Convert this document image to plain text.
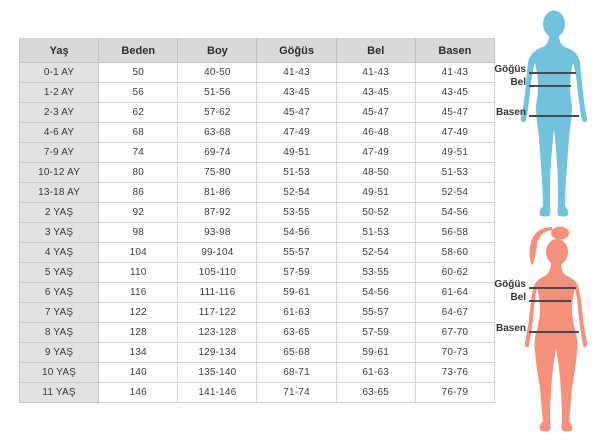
Yaş	Beden	Boy	Göğüs	Bel	Basen
0-1 AY	50	40-50	41-43	41-43	41-43
1-2 AY	56	51-56	43-45	43-45	43-45
2-3 AY	62	57-62	45-47	45-47	45-47
4-6 AY	68	63-68	47-49	46-48	47-49
7-9 AY	74	69-74	49-51	47-49	49-51
10-12 AY	80	75-80	51-53	48-50	51-53
13-18 AY	86	81-86	52-54	49-51	52-54
2 YAŞ	92	87-92	53-55	50-52	54-56
3 YAŞ	98	93-98	54-56	51-53	56-58
4 YAŞ	104	99-104	55-57	52-54	58-60
5 YAŞ	110	105-110	57-59	53-55	60-62
6 YAŞ	116	111-116	59-61	54-56	61-64
7 YAŞ	122	117-122	61-63	55-57	64-67
8 YAŞ	128	123-128	63-65	57-59	67-70
9 YAŞ	134	129-134	65-68	59-61	70-73
10 YAŞ	140	135-140	68-71	61-63	73-76
11 YAŞ	146	141-146	71-74	63-65	76-79
Göğüs
Bel
Basen
Göğüs
Bel
Basen
